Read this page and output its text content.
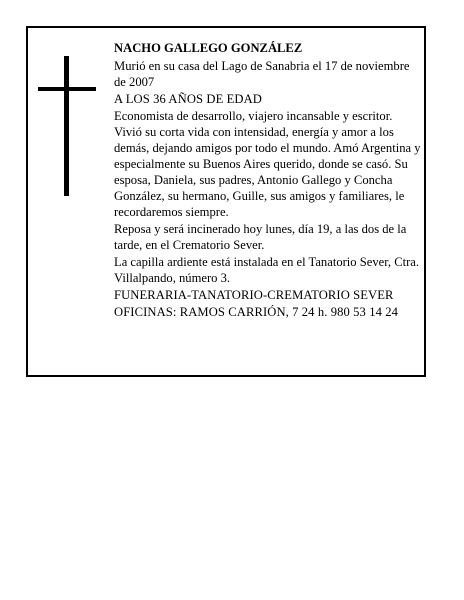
NACHO GALLEGO GONZÁLEZ

Murió en su casa del Lago de Sanabria el 17 de noviembre de 2007

A LOS 36 AÑOS DE EDAD

Economista de desarrollo, viajero incansable y escritor. Vivió su corta vida con intensidad, energía y amor a los demás, dejando amigos por todo el mundo. Amó Argentina y especialmente su Buenos Aires querido, donde se casó. Su esposa, Daniela, sus padres, Antonio Gallego y Concha González, su hermano, Guille, sus amigos y familiares, le recordaremos siempre.

Reposa y será incinerado hoy lunes, día 19, a las dos de la tarde, en el Crematorio Sever.

La capilla ardiente está instalada en el Tanatorio Sever, Ctra. Villalpando, número 3.

FUNERARIA-TANATORIO-CREMATORIO SEVER

OFICINAS: RAMOS CARRIÓN, 7 24 h. 980 53 14 24
